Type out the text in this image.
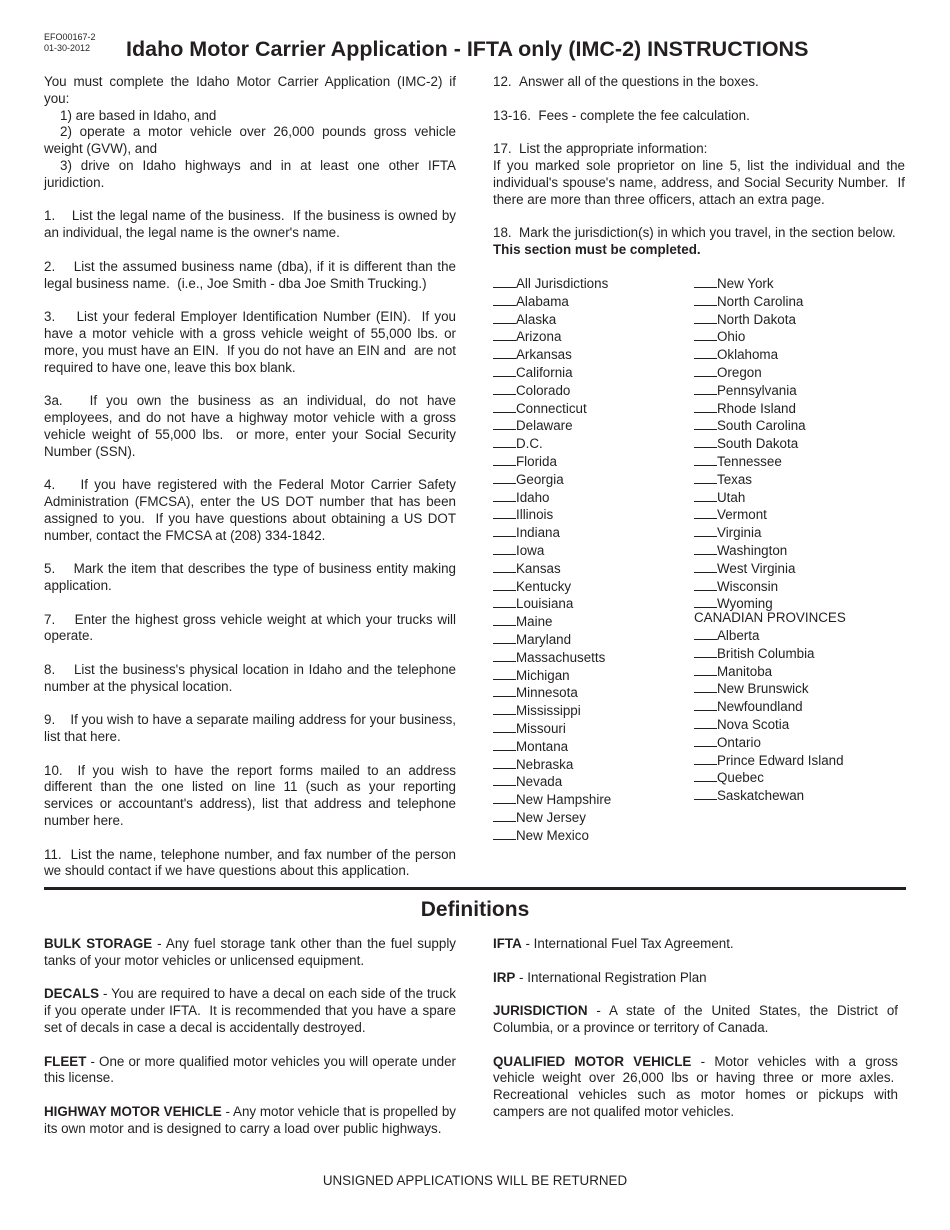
EFO00167-2
01-30-2012 Idaho Motor Carrier Application - IFTA only (IMC-2) INSTRUCTIONS

You must complete the Idaho Motor Carrier Application (IMC-2) if you:
1) are based in Idaho, and
2) operate a motor vehicle over 26,000 pounds gross vehicle weight (GVW), and
3) drive on Idaho highways and in at least one other IFTA juridiction.

1.    List the legal name of the business.  If the business is owned by an individual, the legal name is the owner's name.

2.    List the assumed business name (dba), if it is different than the legal business name.  (i.e., Joe Smith - dba Joe Smith Trucking.)

3.    List your federal Employer Identification Number (EIN).  If you have a motor vehicle with a gross vehicle weight of 55,000 lbs. or more, you must have an EIN.  If you do not have an EIN and  are not required to have one, leave this box blank.

3a.   If you own the business as an individual, do not have employees, and do not have a highway motor vehicle with a gross vehicle weight of 55,000 lbs.  or more, enter your Social Security Number (SSN).

4.    If you have registered with the Federal Motor Carrier Safety Administration (FMCSA), enter the US DOT number that has been assigned to you.  If you have questions about obtaining a US DOT number, contact the FMCSA at (208) 334-1842.

5.    Mark the item that describes the type of business entity making application.

7.    Enter the highest gross vehicle weight at which your trucks will operate.

8.    List the business's physical location in Idaho and the telephone number at the physical location.

9.    If you wish to have a separate mailing address for your business, list that here.

10.  If you wish to have the report forms mailed to an address different than the one listed on line 11 (such as your reporting services or accountant's address), list that address and telephone number here.

11.  List the name, telephone number, and fax number of the person we should contact if we have questions about this application.

12.  Answer all of the questions in the boxes.

13-16.  Fees - complete the fee calculation.

17.  List the appropriate information:
If you marked sole proprietor on line 5, list the individual and the individual's spouse's name, address, and Social Security Number.  If there are more than three officers, attach an extra page.

18.  Mark the jurisdiction(s) in which you travel, in the section below.
This section must be completed.

All Jurisdictions
Alabama
Alaska
Arizona
Arkansas
California
Colorado
Connecticut
Delaware
D.C.
Florida
Georgia
Idaho
Illinois
Indiana
Iowa
Kansas
Kentucky
Louisiana
Maine
Maryland
Massachusetts
Michigan
Minnesota
Mississippi
Missouri
Montana
Nebraska
Nevada
New Hampshire
New Jersey
New Mexico
New York
North Carolina
North Dakota
Ohio
Oklahoma
Oregon
Pennsylvania
Rhode Island
South Carolina
South Dakota
Tennessee
Texas
Utah
Vermont
Virginia
Washington
West Virginia
Wisconsin
Wyoming
CANADIAN PROVINCES
Alberta
British Columbia
Manitoba
New Brunswick
Newfoundland
Nova Scotia
Ontario
Prince Edward Island
Quebec
Saskatchewan
Definitions

BULK STORAGE - Any fuel storage tank other than the fuel supply tanks of your motor vehicles or unlicensed equipment.

DECALS - You are required to have a decal on each side of the truck if you operate under IFTA.  It is recommended that you have a spare set of decals in case a decal is accidentally destroyed.

FLEET - One or more qualified motor vehicles you will operate under this license.

HIGHWAY MOTOR VEHICLE - Any motor vehicle that is propelled by its own motor and is designed to carry a load over public highways.

IFTA - International Fuel Tax Agreement.

IRP - International Registration Plan

JURISDICTION - A state of the United States, the District of Columbia, or a province or territory of Canada.

QUALIFIED MOTOR VEHICLE - Motor vehicles with a gross vehicle weight over 26,000 lbs or having three or more axles.  Recreational vehicles such as motor homes or pickups with campers are not qualifed motor vehicles.

UNSIGNED APPLICATIONS WILL BE RETURNED
